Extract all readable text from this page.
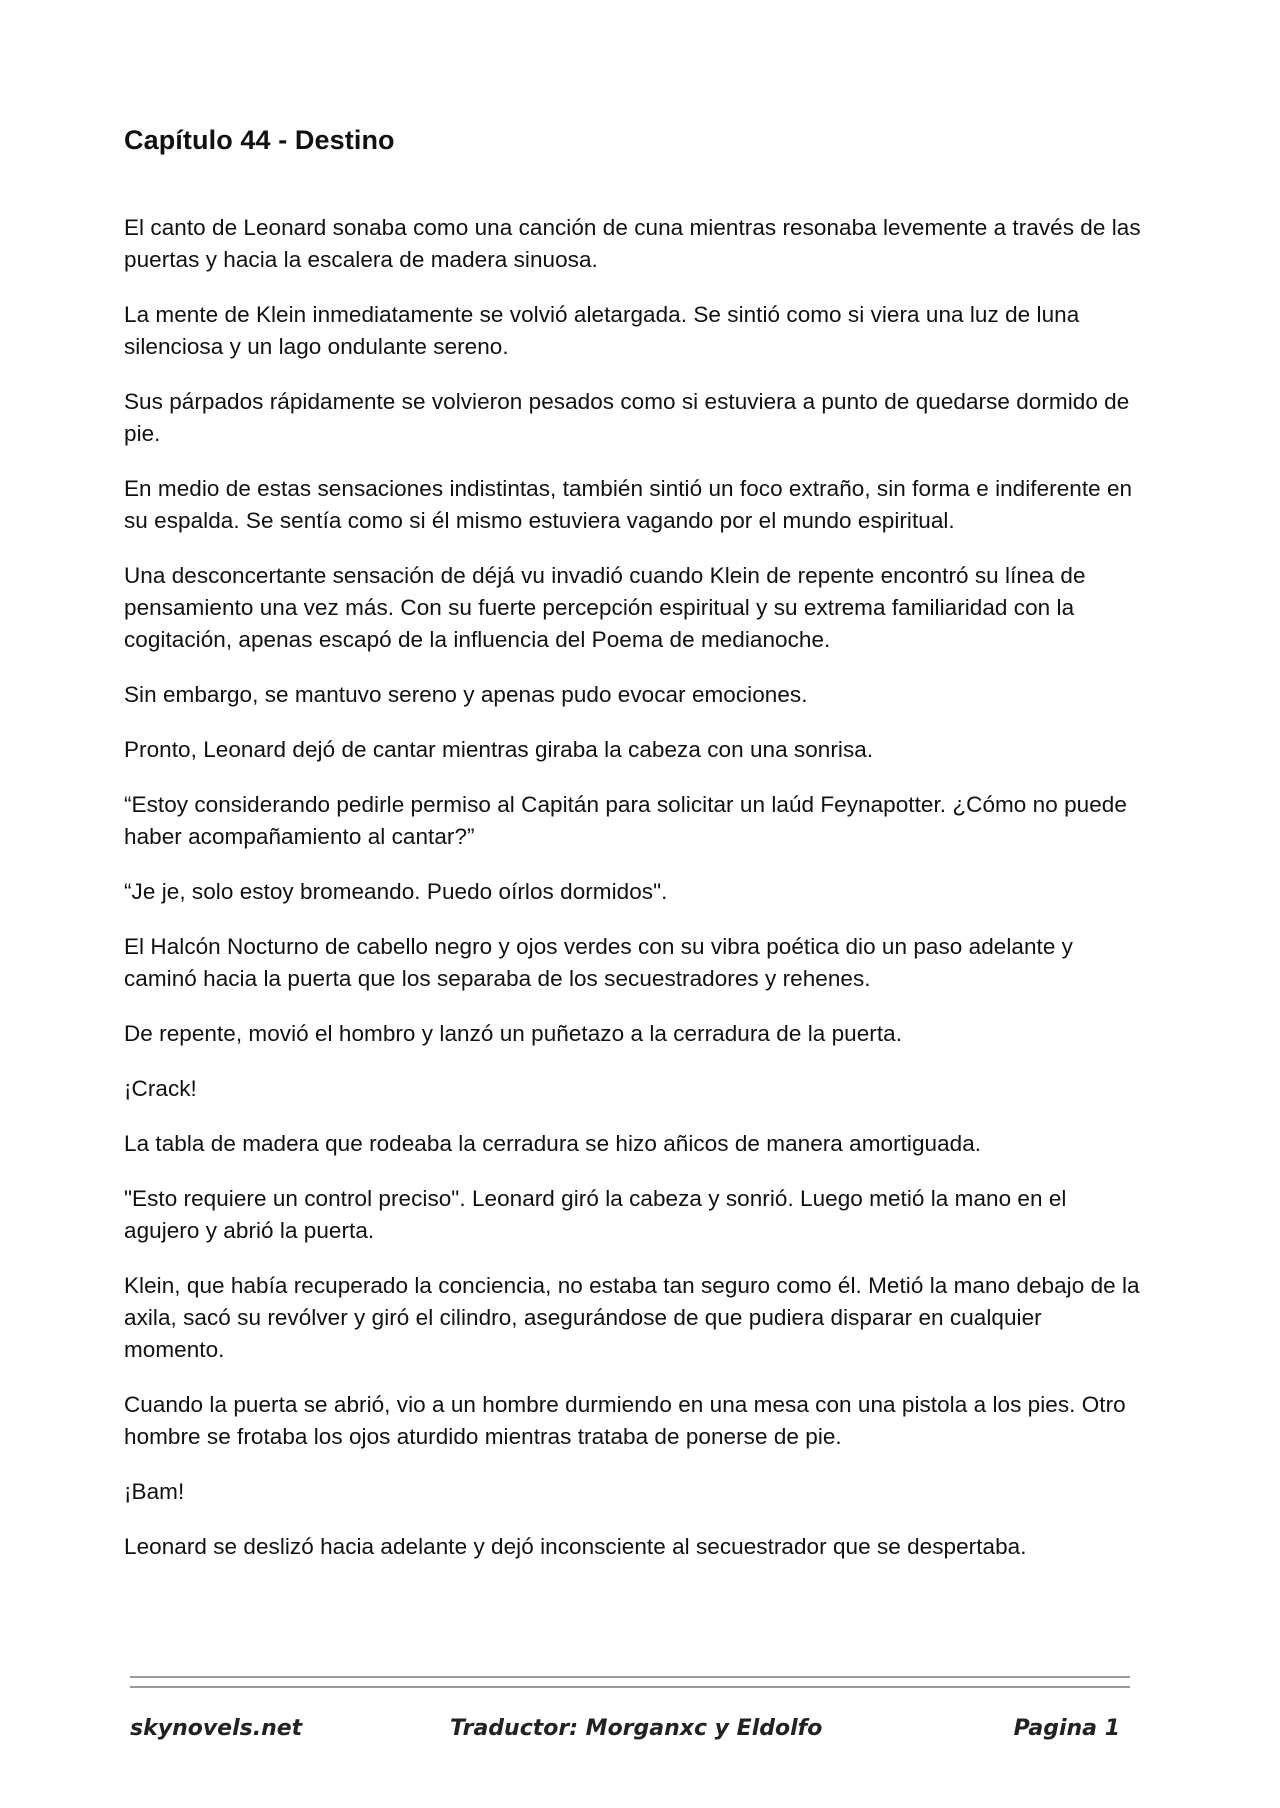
Capítulo 44 - Destino

El canto de Leonard sonaba como una canción de cuna mientras resonaba levemente a través de las puertas y hacia la escalera de madera sinuosa.

La mente de Klein inmediatamente se volvió aletargada. Se sintió como si viera una luz de luna silenciosa y un lago ondulante sereno.

Sus párpados rápidamente se volvieron pesados como si estuviera a punto de quedarse dormido de pie.

En medio de estas sensaciones indistintas, también sintió un foco extraño, sin forma e indiferente en su espalda. Se sentía como si él mismo estuviera vagando por el mundo espiritual.

Una desconcertante sensación de déjá vu invadió cuando Klein de repente encontró su línea de pensamiento una vez más. Con su fuerte percepción espiritual y su extrema familiaridad con la cogitación, apenas escapó de la influencia del Poema de medianoche.

Sin embargo, se mantuvo sereno y apenas pudo evocar emociones.

Pronto, Leonard dejó de cantar mientras giraba la cabeza con una sonrisa.

“Estoy considerando pedirle permiso al Capitán para solicitar un laúd Feynapotter. ¿Cómo no puede haber acompañamiento al cantar?”

“Je je, solo estoy bromeando. Puedo oírlos dormidos".

El Halcón Nocturno de cabello negro y ojos verdes con su vibra poética dio un paso adelante y caminó hacia la puerta que los separaba de los secuestradores y rehenes.

De repente, movió el hombro y lanzó un puñetazo a la cerradura de la puerta.

¡Crack!

La tabla de madera que rodeaba la cerradura se hizo añicos de manera amortiguada.

"Esto requiere un control preciso". Leonard giró la cabeza y sonrió. Luego metió la mano en el agujero y abrió la puerta.

Klein, que había recuperado la conciencia, no estaba tan seguro como él. Metió la mano debajo de la axila, sacó su revólver y giró el cilindro, asegurándose de que pudiera disparar en cualquier momento.

Cuando la puerta se abrió, vio a un hombre durmiendo en una mesa con una pistola a los pies. Otro hombre se frotaba los ojos aturdido mientras trataba de ponerse de pie.

¡Bam!

Leonard se deslizó hacia adelante y dejó inconsciente al secuestrador que se despertaba.

skynovels.net	Traductor: Morganxc y Eldolfo	Pagina 1
